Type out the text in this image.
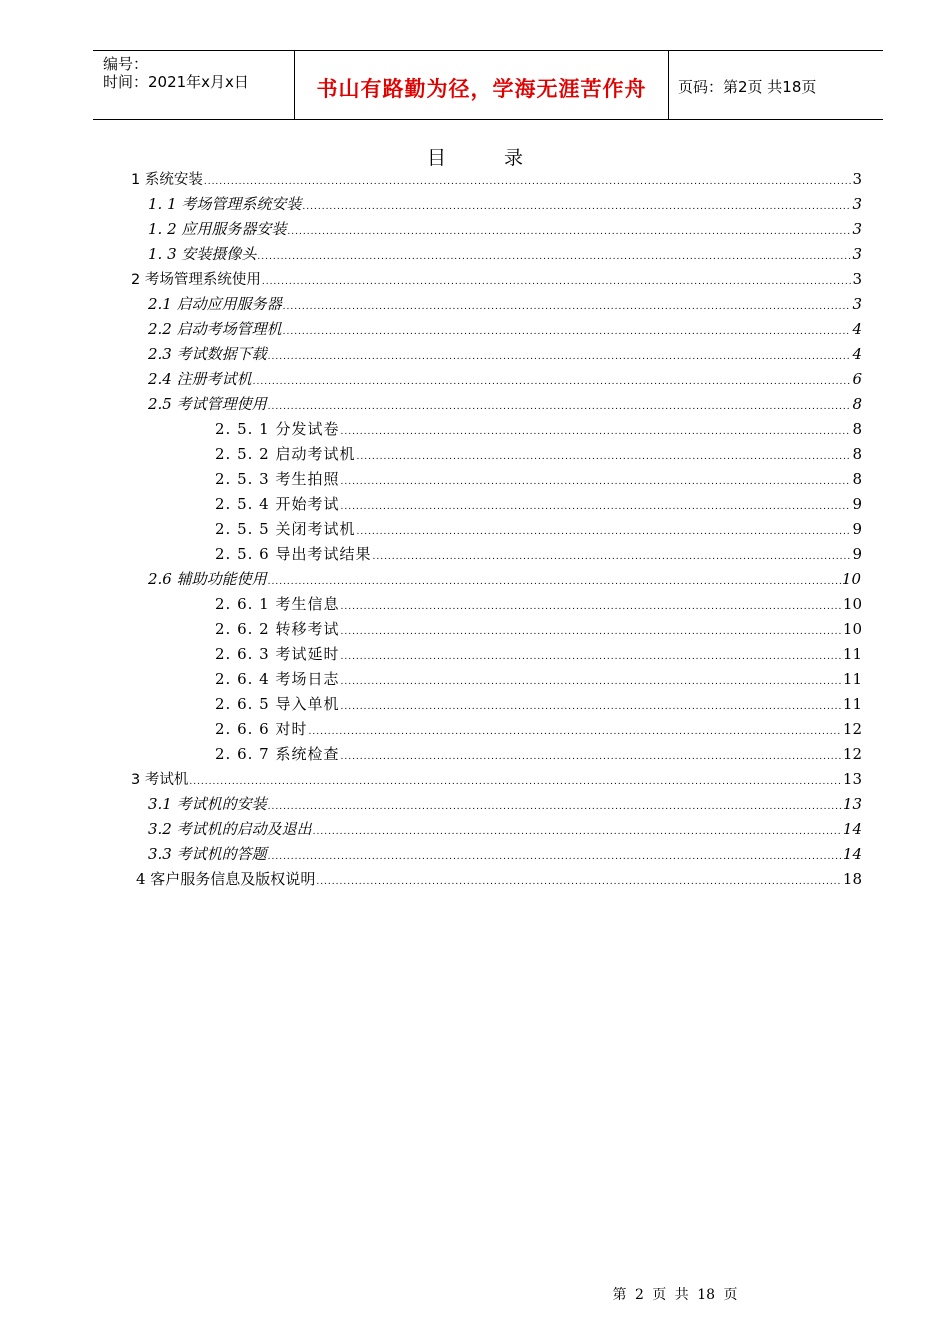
编号：
时间：2021年x月x日	书山有路勤为径，学海无涯苦作舟	页码：第2页 共18页
目 录
1 系统安装 .....	3
1. 1 考场管理系统安装 .....	3
1. 2 应用服务器安装 .....	3
1. 3 安装摄像头 .....	3
2 考场管理系统使用 .....	3
2.1 启动应用服务器 .....	3
2.2 启动考场管理机 .....	4
2.3 考试数据下载 .....	4
2.4 注册考试机 .....	6
2.5 考试管理使用 .....	8
2. 5. 1 分发试卷 .....	8
2. 5. 2 启动考试机 .....	8
2. 5. 3 考生拍照 .....	8
2. 5. 4 开始考试 .....	9
2. 5. 5 关闭考试机 .....	9
2. 5. 6 导出考试结果 .....	9
2.6 辅助功能使用 .....	10
2. 6. 1 考生信息 .....	10
2. 6. 2 转移考试 .....	10
2. 6. 3 考试延时 .....	11
2. 6. 4 考场日志 .....	11
2. 6. 5 导入单机 .....	11
2. 6. 6 对时 .....	12
2. 6. 7 系统检查 .....	12
3 考试机 .....	13
3.1 考试机的安装 .....	13
3.2 考试机的启动及退出 .....	14
3.3 考试机的答题 .....	14
4 客户服务信息及版权说明 .....	18
第 2 页 共 18 页
